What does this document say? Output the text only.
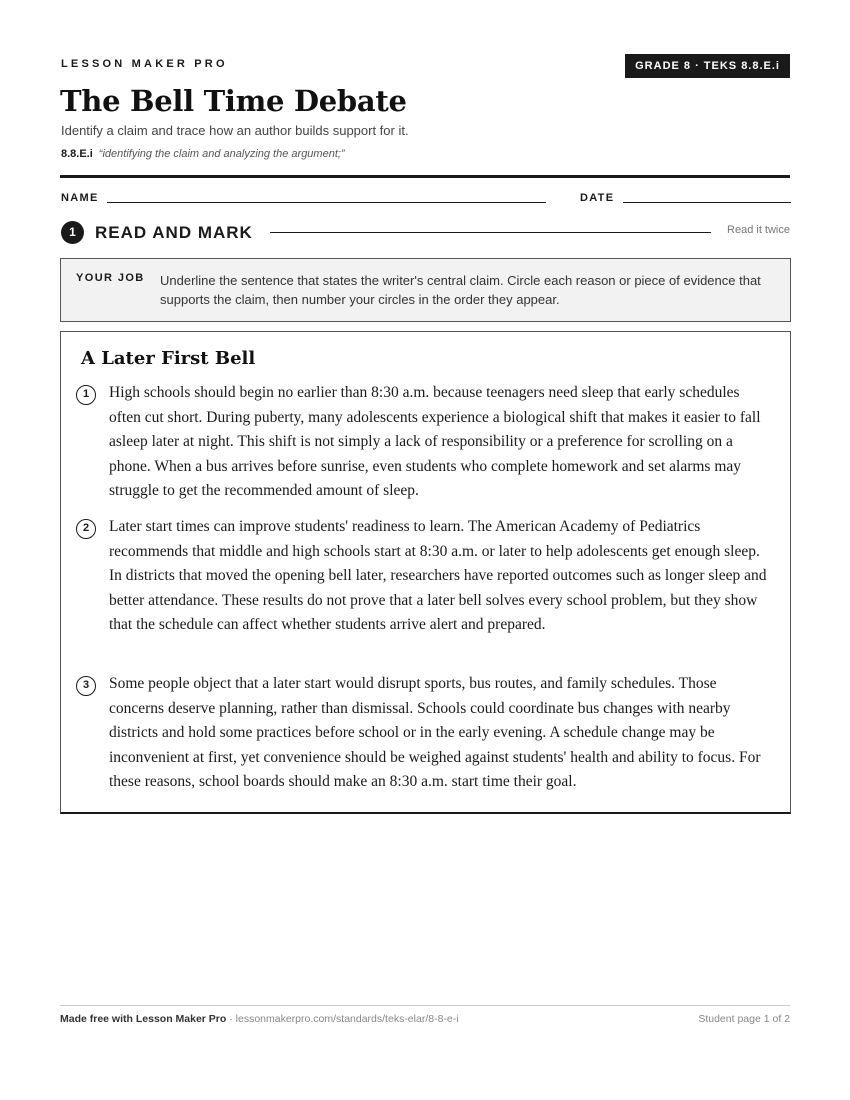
LESSON MAKER PRO	GRADE 8 · TEKS 8.8.E.i
The Bell Time Debate
Identify a claim and trace how an author builds support for it.
8.8.E.i “identifying the claim and analyzing the argument;”
NAME	DATE
1	READ AND MARK	Read it twice
YOUR JOB Underline the sentence that states the writer's central claim. Circle each reason or piece of evidence that supports the claim, then number your circles in the order they appear.
A Later First Bell
1	High schools should begin no earlier than 8:30 a.m. because teenagers need sleep that early schedules often cut short. During puberty, many adolescents experience a biological shift that makes it easier to fall asleep later at night. This shift is not simply a lack of responsibility or a preference for scrolling on a phone. When a bus arrives before sunrise, even students who complete homework and set alarms may struggle to get the recommended amount of sleep.
2	Later start times can improve students' readiness to learn. The American Academy of Pediatrics recommends that middle and high schools start at 8:30 a.m. or later to help adolescents get enough sleep. In districts that moved the opening bell later, researchers have reported outcomes such as longer sleep and better attendance. These results do not prove that a later bell solves every school problem, but they show that the schedule can affect whether students arrive alert and prepared.
3	Some people object that a later start would disrupt sports, bus routes, and family schedules. Those concerns deserve planning, rather than dismissal. Schools could coordinate bus changes with nearby districts and hold some practices before school or in the early evening. A schedule change may be inconvenient at first, yet convenience should be weighed against students' health and ability to focus. For these reasons, school boards should make an 8:30 a.m. start time their goal.
Made free with Lesson Maker Pro · lessonmakerpro.com/standards/teks-elar/8-8-e-i	Student page 1 of 2
